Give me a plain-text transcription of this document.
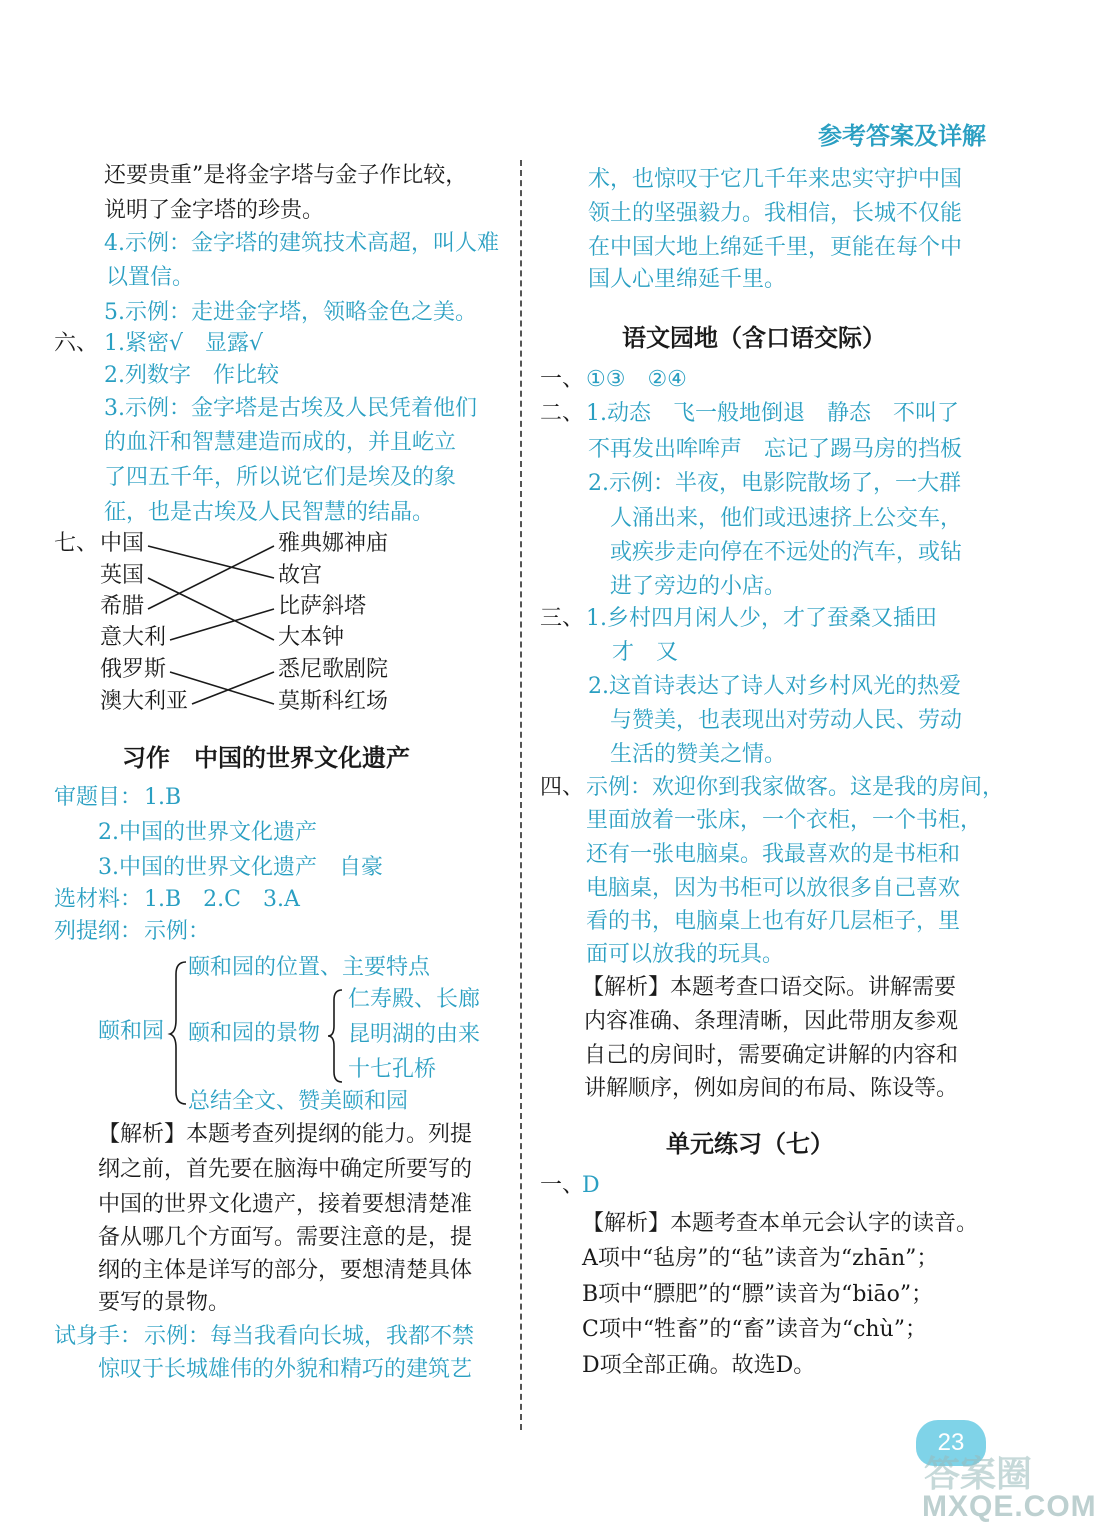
参考答案及详解
还要贵重”是将金字塔与金子作比较，
说明了金字塔的珍贵。
4.示例：金字塔的建筑技术高超，叫人难
以置信。
5.示例：走进金字塔，领略金色之美。
六、 1.紧密√　显露√
2.列数字　作比较
3.示例：金字塔是古埃及人民凭着他们
的血汗和智慧建造而成的，并且屹立
了四五千年，所以说它们是埃及的象
征，也是古埃及人民智慧的结晶。
七、 中国
英国
希腊
意大利
俄罗斯
澳大利亚
雅典娜神庙
故宫
比萨斜塔
大本钟
悉尼歌剧院
莫斯科红场
习作　中国的世界文化遗产
审题目： 1.B
2.中国的世界文化遗产
3.中国的世界文化遗产　自豪
选材料： 1.B　2.C　3.A
列提纲： 示例：
颐和园
颐和园的位置、主要特点
颐和园的景物
仁寿殿、长廊
昆明湖的由来
十七孔桥
总结全文、赞美颐和园
【解析】本题考查列提纲的能力。列提
纲之前，首先要在脑海中确定所要写的
中国的世界文化遗产，接着要想清楚准
备从哪几个方面写。需要注意的是，提
纲的主体是详写的部分，要想清楚具体
要写的景物。
试身手： 示例：每当我看向长城，我都不禁
惊叹于长城雄伟的外貌和精巧的建筑艺
术，也惊叹于它几千年来忠实守护中国
领土的坚强毅力。我相信，长城不仅能
在中国大地上绵延千里，更能在每个中
国人心里绵延千里。
语文园地（含口语交际）
一、 ①③　②④
二、 1.动态　飞一般地倒退　静态　不叫了
不再发出哞哞声　忘记了踢马房的挡板
2.示例：半夜，电影院散场了，一大群
人涌出来，他们或迅速挤上公交车，
或疾步走向停在不远处的汽车，或钻
进了旁边的小店。
三、 1.乡村四月闲人少，才了蚕桑又插田
才　又
2.这首诗表达了诗人对乡村风光的热爱
与赞美，也表现出对劳动人民、劳动
生活的赞美之情。
四、 示例：欢迎你到我家做客。这是我的房间，
里面放着一张床，一个衣柜，一个书柜，
还有一张电脑桌。我最喜欢的是书柜和
电脑桌，因为书柜可以放很多自己喜欢
看的书，电脑桌上也有好几层柜子，里
面可以放我的玩具。
【解析】本题考查口语交际。讲解需要
内容准确、条理清晰，因此带朋友参观
自己的房间时，需要确定讲解的内容和
讲解顺序，例如房间的布局、陈设等。
单元练习（七）
一、
D
【解析】本题考查本单元会认字的读音。
A项中“毡房”的“毡”读音为“zhān”；
B项中“膘肥”的“膘”读音为“biāo”；
C项中“牲畜”的“畜”读音为“chù”；
D项全部正确。故选D。
23
答案圈
MXQE.COM
